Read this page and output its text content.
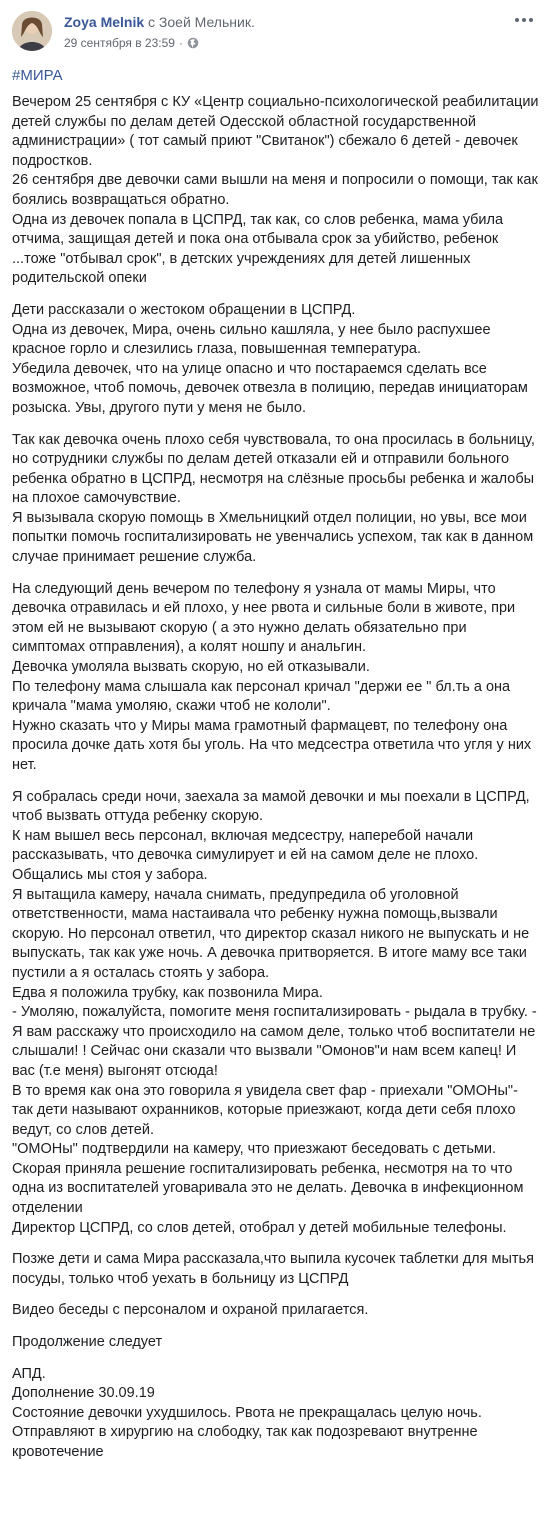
Zoya Melnik с Зоей Мельник.
29 сентября в 23:59 ·
#МИРА

Вечером 25 сентября с КУ «Центр социально-психологической реабилитации детей службы по делам детей Одесской областной государственной администрации» ( тот самый приют "Свитанок") сбежало 6 детей - девочек подростков.
26 сентября две девочки сами вышли на меня и попросили о помощи, так как боялись возвращаться обратно.
Одна из девочек попала в ЦСПРД, так как, со слов ребенка, мама убила отчима, защищая детей и пока она отбывала срок за убийство, ребенок ...тоже "отбывал срок", в детских учреждениях для детей лишенных родительской опеки

Дети рассказали о жестоком обращении в ЦСПРД.
Одна из девочек, Мира, очень сильно кашляла, у нее было распухшее красное горло и слезились глаза, повышенная температура.
Убедила девочек, что на улице опасно и что постараемся сделать все возможное, чтоб помочь, девочек отвезла в полицию, передав инициаторам розыска. Увы, другого пути у меня не было.

Так как девочка очень плохо себя чувствовала, то она просилась в больницу, но сотрудники службы по делам детей отказали ей и отправили больного ребенка обратно в ЦСПРД, несмотря на слёзные просьбы ребенка и жалобы на плохое самочувствие.
Я вызывала скорую помощь в Хмельницкий отдел полиции, но увы, все мои попытки помочь госпитализировать не увенчались успехом, так как в данном случае принимает решение служба.

На следующий день вечером по телефону я узнала от мамы Миры, что девочка отравилась и ей плохо, у нее рвота и сильные боли в животе, при этом ей не вызывают скорую ( а это нужно делать обязательно при симптомах отправления), а колят ношпу и анальгин.
Девочка умоляла вызвать скорую, но ей отказывали.
По телефону мама слышала как персонал кричал "держи ее " бл.ть а она кричала "мама умоляю, скажи чтоб не кололи".
Нужно сказать что у Миры мама грамотный фармацевт, по телефону она просила дочке дать хотя бы уголь. На что медсестра ответила что угля у них нет.

Я собралась среди ночи, заехала за мамой девочки и мы поехали в ЦСПРД, чтоб вызвать оттуда ребенку скорую.
К нам вышел весь персонал, включая медсестру, наперебой начали рассказывать, что девочка симулирует и ей на самом деле не плохо. Общались мы стоя у забора.
Я вытащила камеру, начала снимать, предупредила об уголовной ответственности, мама настаивала что ребенку нужна помощь,вызвали скорую. Но персонал ответил, что директор сказал никого не выпускать и не выпускать, так как уже ночь. А девочка притворяется. В итоге маму все таки пустили а я осталась стоять у забора.
Едва я положила трубку, как позвонила Мира.
- Умоляю, пожалуйста, помогите меня госпитализировать - рыдала в трубку. - Я вам расскажу что происходило на самом деле, только чтоб воспитатели не слышали! ! Сейчас они сказали что вызвали "Омонов"и нам всем капец! И вас (т.е меня) выгонят отсюда!
В то время как она это говорила я увидела свет фар - приехали "ОМОНы"- так дети называют охранников, которые приезжают, когда дети себя плохо ведут, со слов детей.
"ОМОНы" подтвердили на камеру, что приезжают беседовать с детьми.
Скорая приняла решение госпитализировать ребенка, несмотря на то что одна из воспитателей уговаривала это не делать. Девочка в инфекционном отделении
Директор ЦСПРД, со слов детей, отобрал у детей мобильные телефоны.

Позже дети и сама Мира рассказала,что выпила кусочек таблетки для мытья посуды, только чтоб уехать в больницу из ЦСПРД

Видео беседы с персоналом и охраной прилагается.

Продолжение следует

АПД.
Дополнение 30.09.19
Состояние девочки ухудшилось. Рвота не прекращалась целую ночь. Отправляют в хирургию на слободку, так как подозревают внутренне кровотечение
